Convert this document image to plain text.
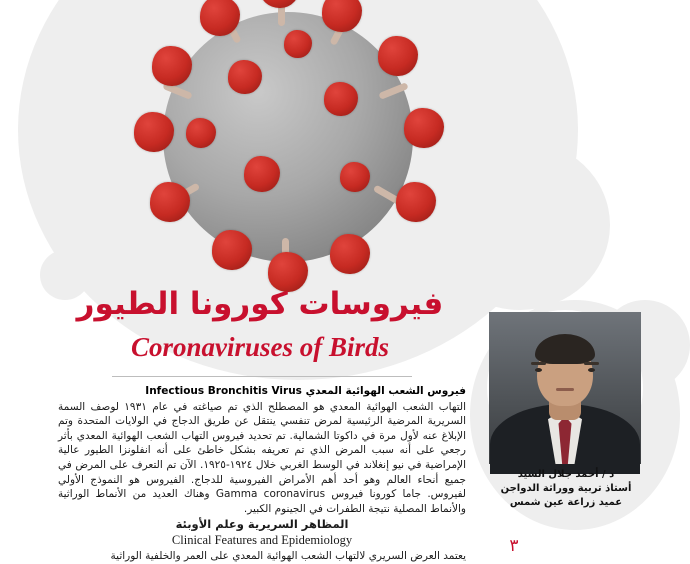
فيروسات كورونا الطيور
Coronaviruses of Birds

فيروس الشعب الهوائية المعدي Infectious Bronchitis Virus

التهاب الشعب الهوائية المعدي هو المصطلح الذي تم صياغته في عام ١٩٣١ لوصف السمة السريرية المرضية الرئيسية لمرض تنفسي ينتقل عن طريق الدجاج في الولايات المتحدة وتم الإبلاغ عنه لأول مرة في داكوتا الشمالية. تم تحديد فيروس التهاب الشعب الهوائية المعدي بأثر رجعي على أنه سبب المرض الذي تم تعريفه بشكل خاطئ على أنه انفلونزا الطيور عالية الإمراضية في نيو إنغلاند في الوسط الغربي خلال ١٩٢٤-١٩٢٥. الآن تم التعرف على المرض في جميع أنحاء العالم وهو أحد أهم الأمراض الفيروسية للدجاج. الفيروس هو النموذج الأولي لفيروس. جاما كورونا فيروس Gamma coronavirus وهناك العديد من الأنماط الوراثية والأنماط المصلية نتيجة الطفرات في الجينوم الكبير.

المظاهر السريرية وعلم الأوبئة

Clinical Features and Epidemiology

يعتمد العرض السريري لالتهاب الشعب الهوائية المعدي على العمر والخلفية الوراثية

د / أحمد جلال السيد
أستاذ تربية ووراثة الدواجن
عميد زراعة عين شمس
٣
